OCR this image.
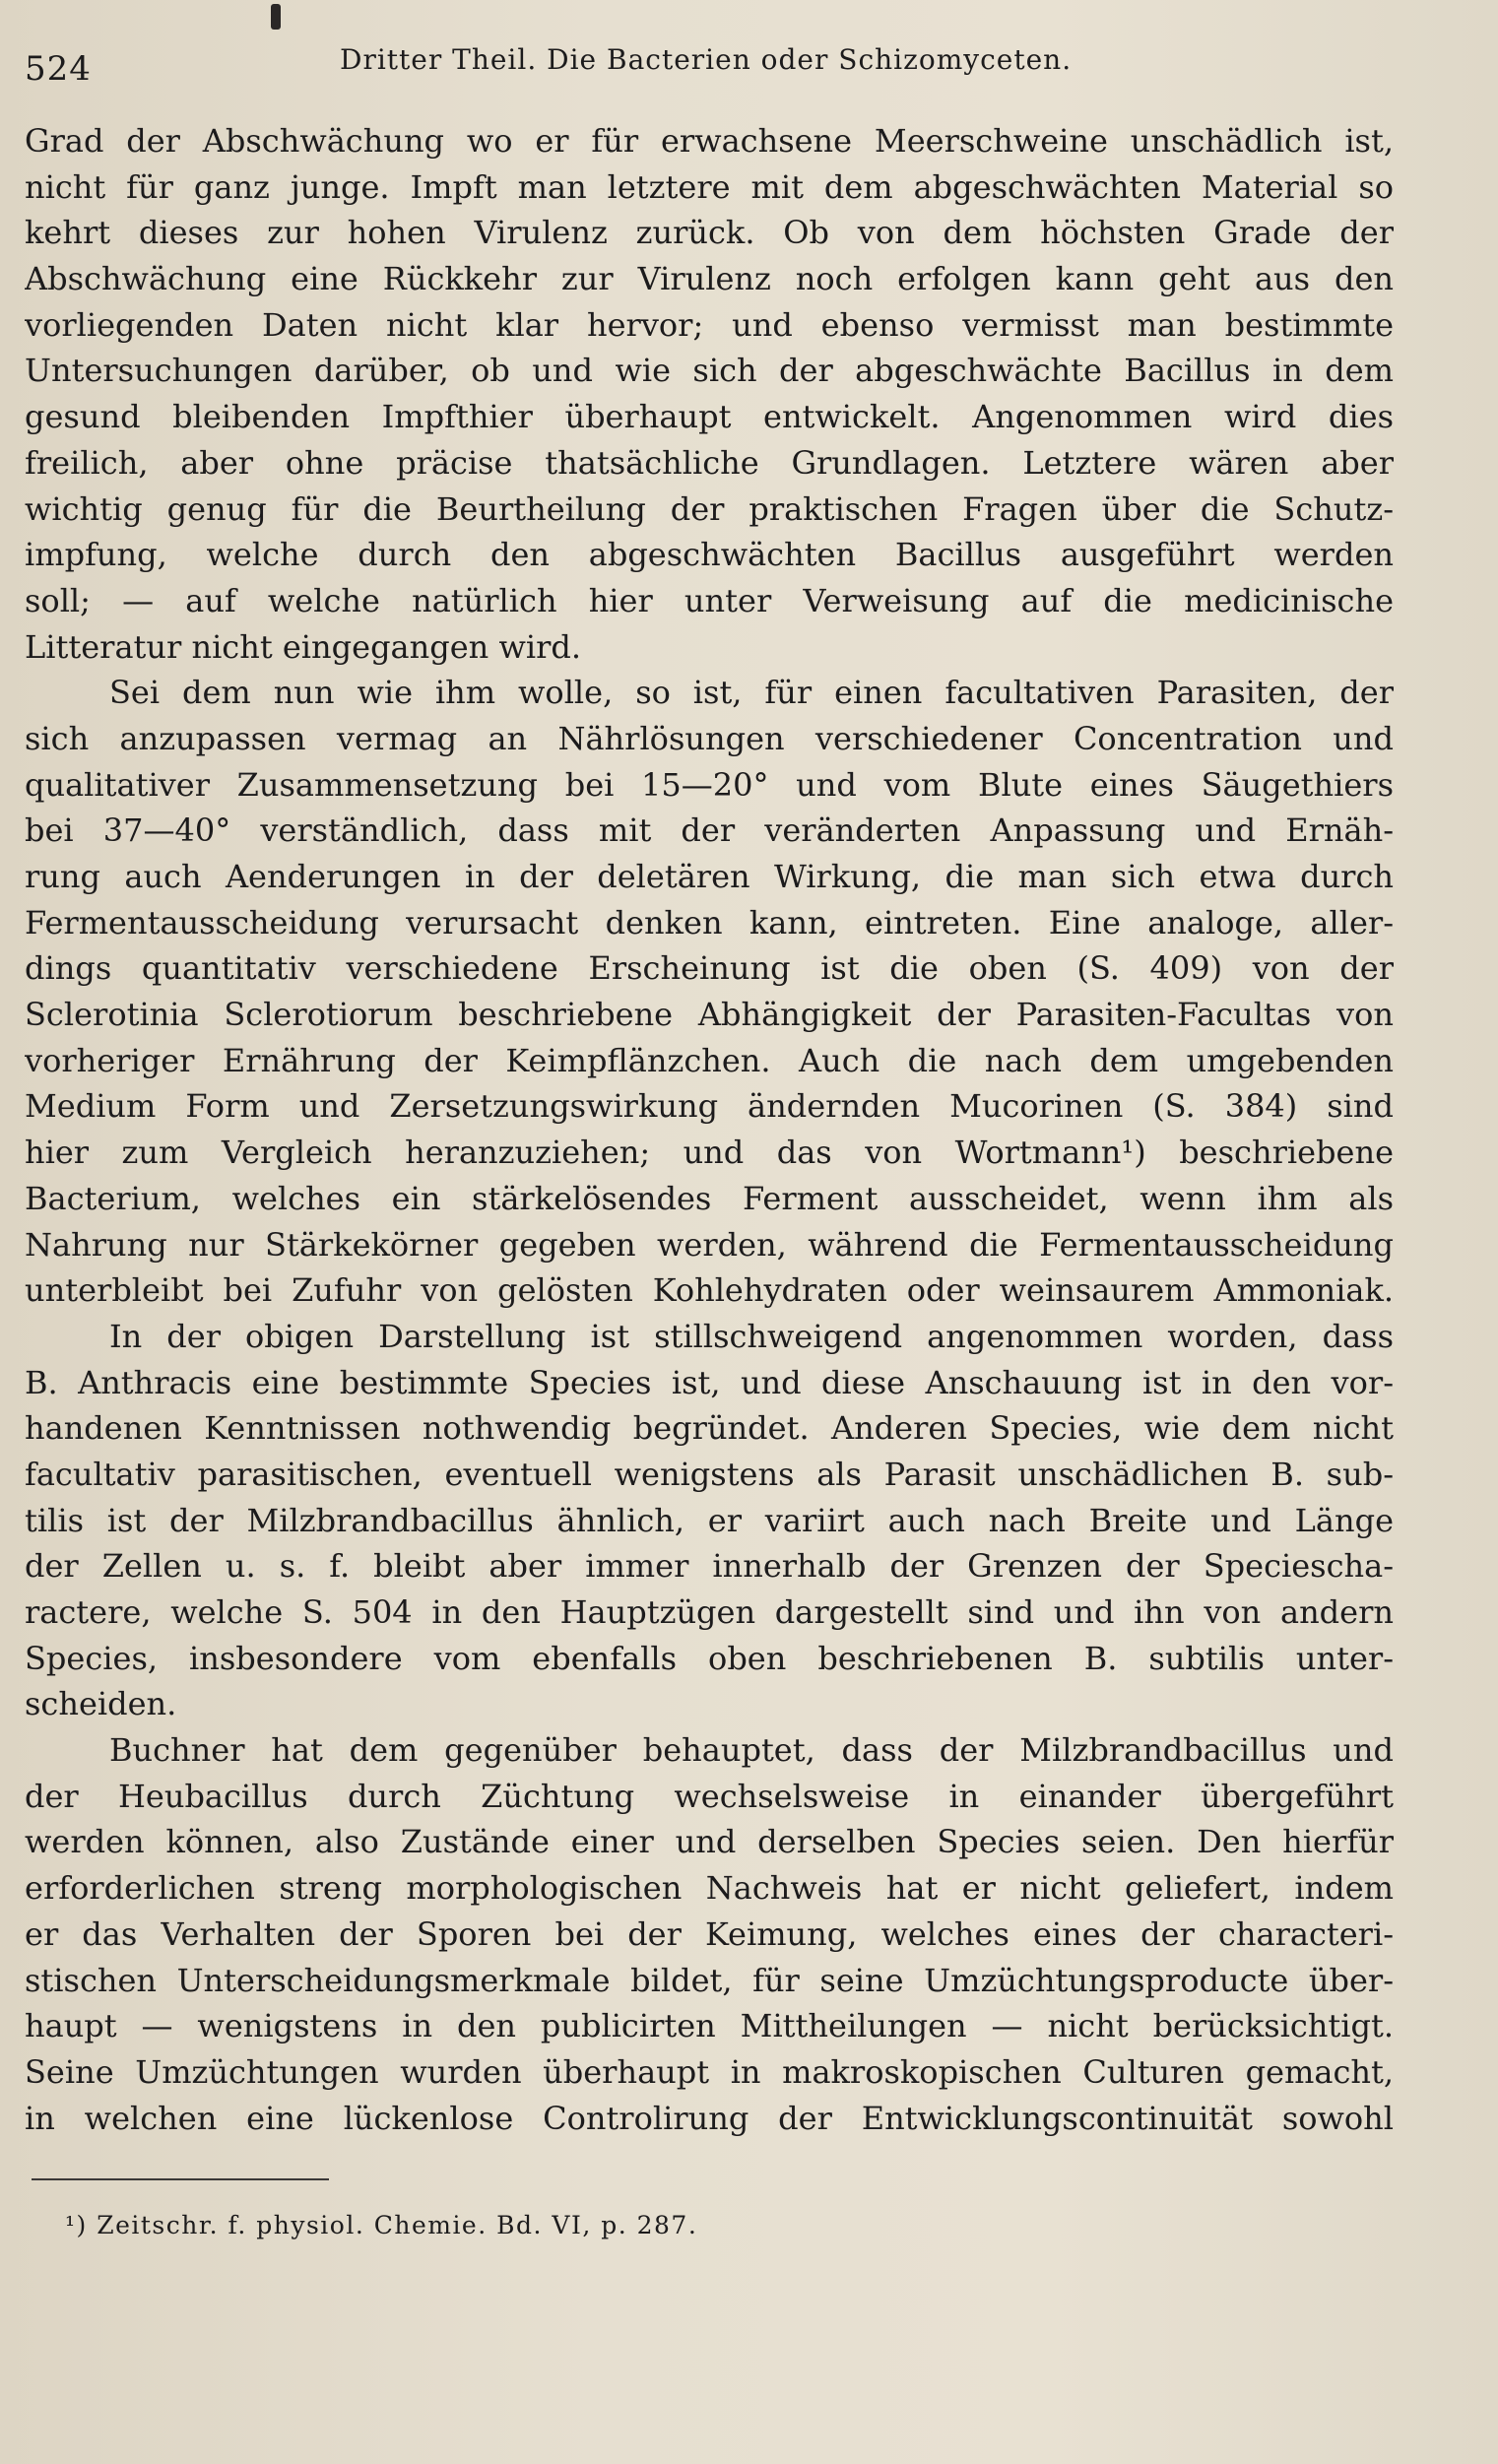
524	Dritter Theil. Die Bacterien oder Schizomyceten.
Grad der Abschwächung wo er für erwachsene Meerschweine unschädlich ist,
nicht für ganz junge. Impft man letztere mit dem abgeschwächten Material so
kehrt dieses zur hohen Virulenz zurück. Ob von dem höchsten Grade der
Abschwächung eine Rückkehr zur Virulenz noch erfolgen kann geht aus den
vorliegenden Daten nicht klar hervor; und ebenso vermisst man bestimmte
Untersuchungen darüber, ob und wie sich der abgeschwächte Bacillus in dem
gesund bleibenden Impfthier überhaupt entwickelt. Angenommen wird dies
freilich, aber ohne präcise thatsächliche Grundlagen. Letztere wären aber
wichtig genug für die Beurtheilung der praktischen Fragen über die Schutz-
impfung, welche durch den abgeschwächten Bacillus ausgeführt werden
soll; — auf welche natürlich hier unter Verweisung auf die medicinische
Litteratur nicht eingegangen wird.
Sei dem nun wie ihm wolle, so ist, für einen facultativen Parasiten, der
sich anzupassen vermag an Nährlösungen verschiedener Concentration und
qualitativer Zusammensetzung bei 15—20° und vom Blute eines Säugethiers
bei 37—40° verständlich, dass mit der veränderten Anpassung und Ernäh-
rung auch Aenderungen in der deletären Wirkung, die man sich etwa durch
Fermentausscheidung verursacht denken kann, eintreten. Eine analoge, aller-
dings quantitativ verschiedene Erscheinung ist die oben (S. 409) von der
Sclerotinia Sclerotiorum beschriebene Abhängigkeit der Parasiten-Facultas von
vorheriger Ernährung der Keimpflänzchen. Auch die nach dem umgebenden
Medium Form und Zersetzungswirkung ändernden Mucorinen (S. 384) sind
hier zum Vergleich heranzuziehen; und das von Wortmann¹) beschriebene
Bacterium, welches ein stärkelösendes Ferment ausscheidet, wenn ihm als
Nahrung nur Stärkekörner gegeben werden, während die Fermentausscheidung
unterbleibt bei Zufuhr von gelösten Kohlehydraten oder weinsaurem Ammoniak.
In der obigen Darstellung ist stillschweigend angenommen worden, dass
B. Anthracis eine bestimmte Species ist, und diese Anschauung ist in den vor-
handenen Kenntnissen nothwendig begründet. Anderen Species, wie dem nicht
facultativ parasitischen, eventuell wenigstens als Parasit unschädlichen B. sub-
tilis ist der Milzbrandbacillus ähnlich, er variirt auch nach Breite und Länge
der Zellen u. s. f. bleibt aber immer innerhalb der Grenzen der Speciescha-
ractere, welche S. 504 in den Hauptzügen dargestellt sind und ihn von andern
Species, insbesondere vom ebenfalls oben beschriebenen B. subtilis unter-
scheiden.
Buchner hat dem gegenüber behauptet, dass der Milzbrandbacillus und
der Heubacillus durch Züchtung wechselsweise in einander übergeführt
werden können, also Zustände einer und derselben Species seien. Den hierfür
erforderlichen streng morphologischen Nachweis hat er nicht geliefert, indem
er das Verhalten der Sporen bei der Keimung, welches eines der characteri-
stischen Unterscheidungsmerkmale bildet, für seine Umzüchtungsproducte über-
haupt — wenigstens in den publicirten Mittheilungen — nicht berücksichtigt.
Seine Umzüchtungen wurden überhaupt in makroskopischen Culturen gemacht,
in welchen eine lückenlose Controlirung der Entwicklungscontinuität sowohl
¹) Zeitschr. f. physiol. Chemie. Bd. VI, p. 287.
